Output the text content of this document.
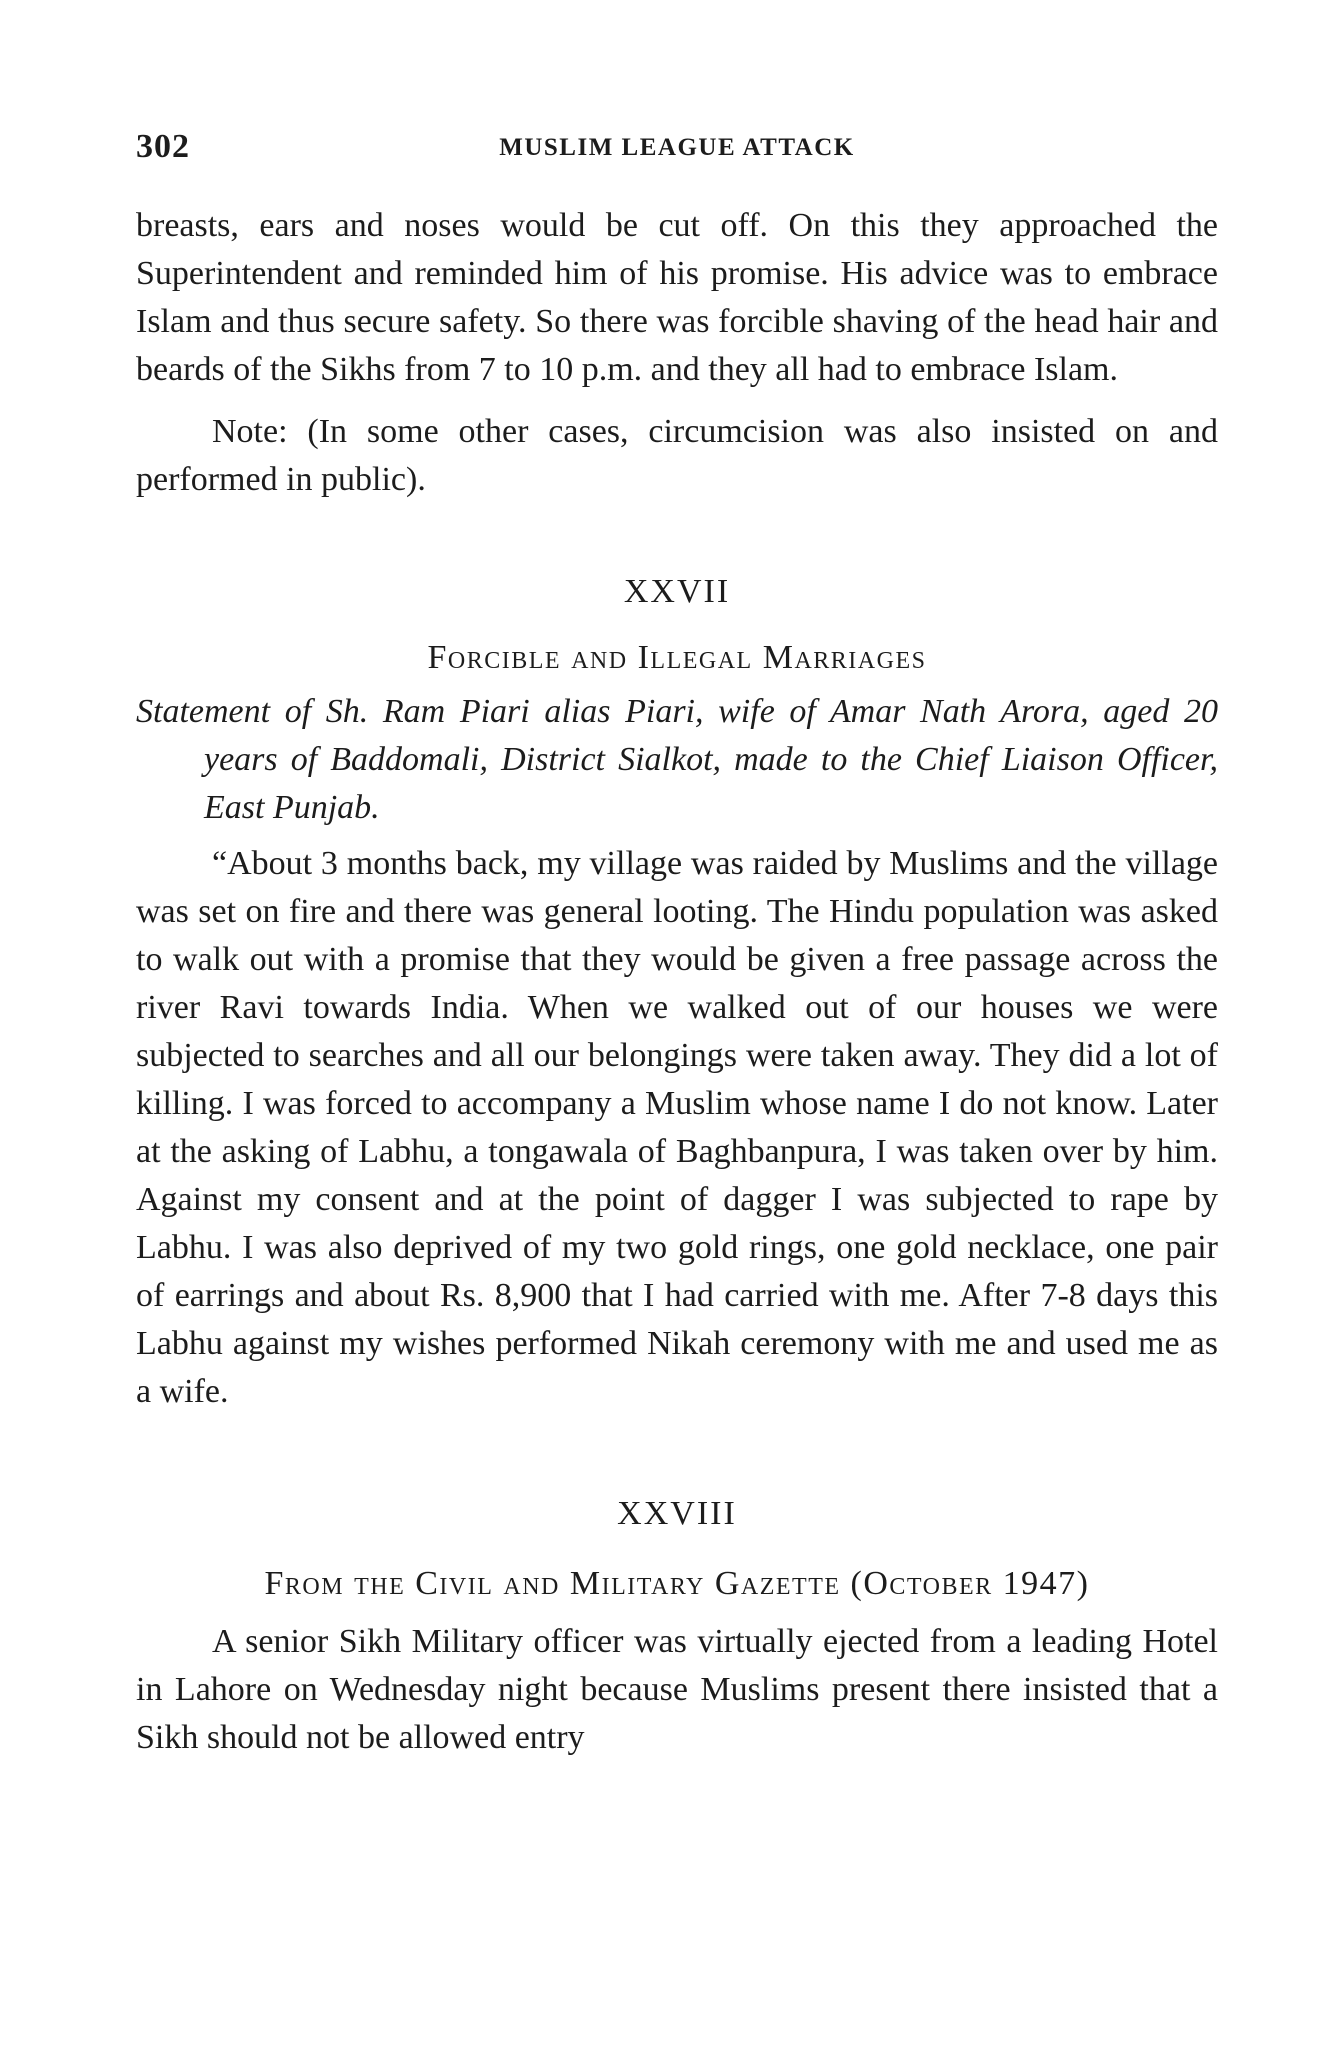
302	MUSLIM LEAGUE ATTACK

breasts, ears and noses would be cut off. On this they approached the Superintendent and reminded him of his promise. His advice was to embrace Islam and thus secure safety. So there was forcible shaving of the head hair and beards of the Sikhs from 7 to 10 p.m. and they all had to embrace Islam.

Note: (In some other cases, circumcision was also insisted on and performed in public).

XXVII
Forcible and Illegal Marriages
Statement of Sh. Ram Piari alias Piari, wife of Amar Nath Arora, aged 20 years of Baddomali, District Sialkot, made to the Chief Liaison Officer, East Punjab.

“About 3 months back, my village was raided by Muslims and the village was set on fire and there was general looting. The Hindu population was asked to walk out with a promise that they would be given a free passage across the river Ravi towards India. When we walked out of our houses we were subjected to searches and all our belongings were taken away. They did a lot of killing. I was forced to accompany a Muslim whose name I do not know. Later at the asking of Labhu, a tongawala of Baghbanpura, I was taken over by him. Against my consent and at the point of dagger I was subjected to rape by Labhu. I was also deprived of my two gold rings, one gold necklace, one pair of earrings and about Rs. 8,900 that I had carried with me. After 7-8 days this Labhu against my wishes performed Nikah ceremony with me and used me as a wife.

XXVIII
From the Civil and Military Gazette (October 1947)

A senior Sikh Military officer was virtually ejected from a leading Hotel in Lahore on Wednesday night because Muslims present there insisted that a Sikh should not be allowed entry
